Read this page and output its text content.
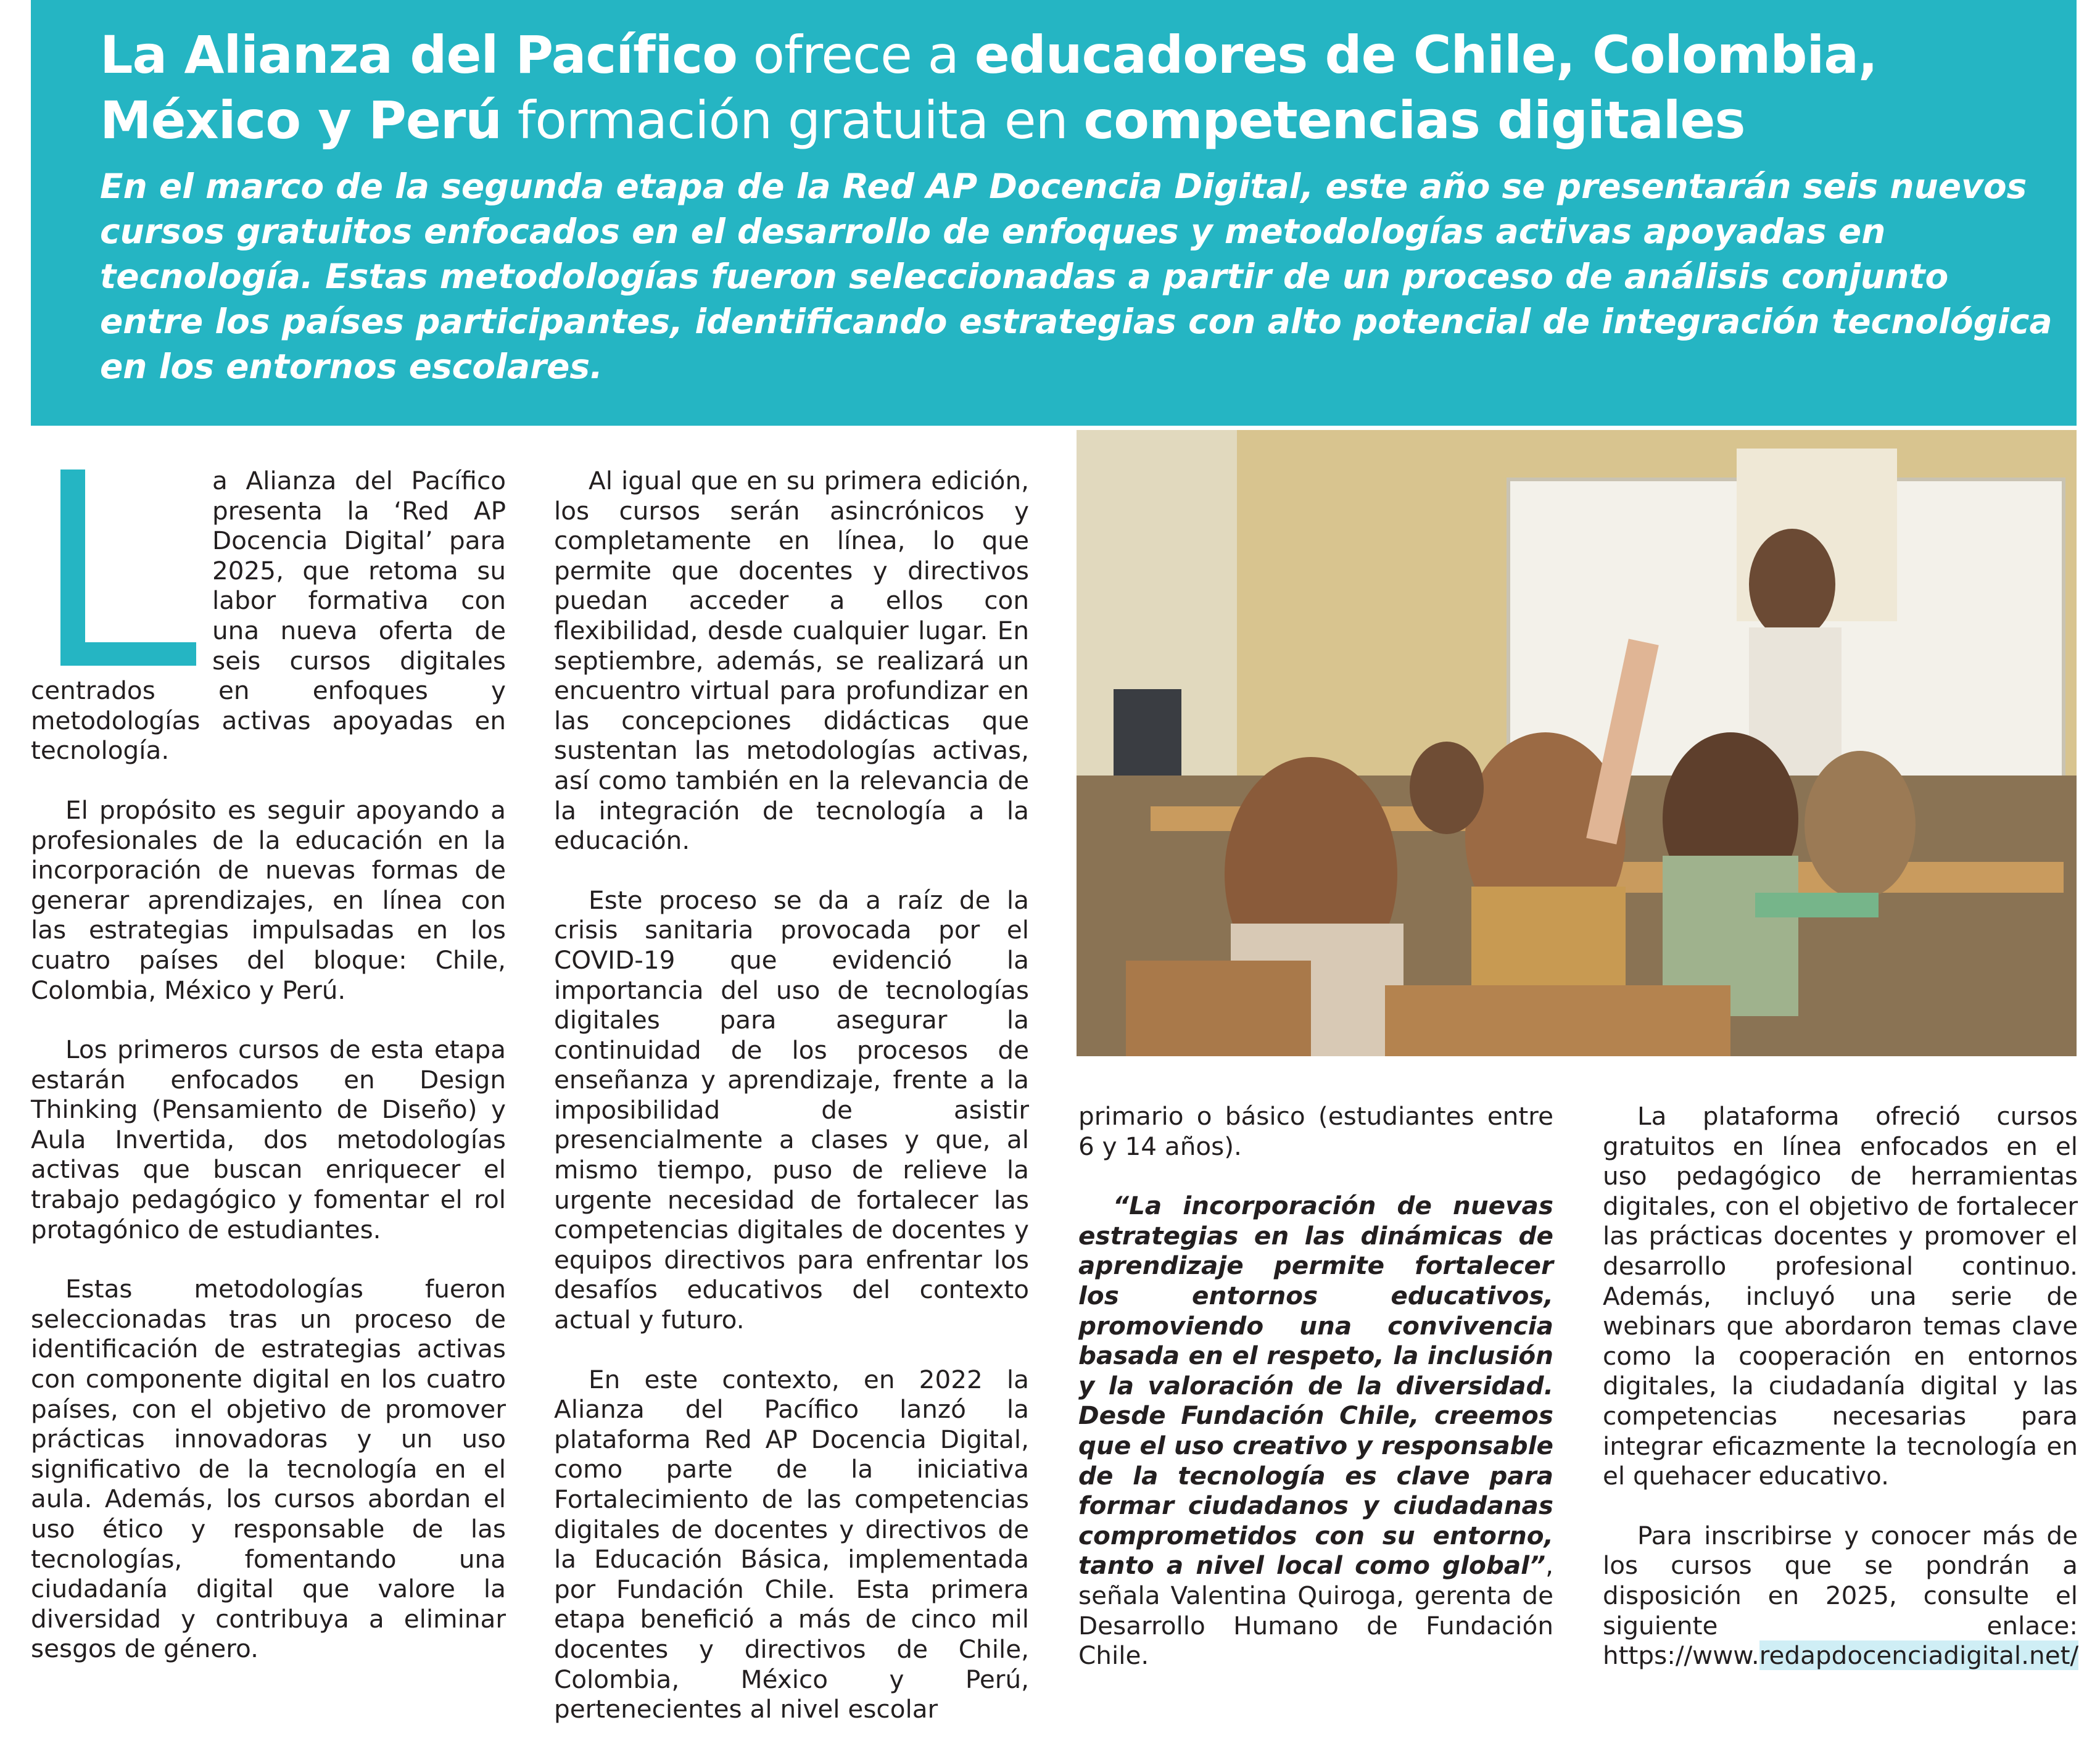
La Alianza del Pacífico ofrece a educadores de Chile, Colombia, México y Perú formación gratuita en competencias digitales

En el marco de la segunda etapa de la Red AP Docencia Digital, este año se presentarán seis nuevos cursos gratuitos enfocados en el desarrollo de enfoques y metodologías activas apoyadas en tecnología. Estas metodologías fueron seleccionadas a partir de un proceso de análisis conjunto entre los países participantes, identificando estrategias con alto potencial de integración tecnológica en los entornos escolares.

a Alianza del Pacífico presenta la ‘Red AP Docencia Digital’ para 2025, que retoma su labor formativa con una nueva oferta de seis cursos digitales centrados en enfoques y metodologías activas apoyadas en tecnología.

El propósito es seguir apoyando a profesionales de la educación en la incorporación de nuevas formas de generar aprendizajes, en línea con las estrategias impulsadas en los cuatro países del bloque: Chile, Colombia, México y Perú.

Los primeros cursos de esta etapa estarán enfocados en Design Thinking (Pensamiento de Diseño) y Aula Invertida, dos metodologías activas que buscan enriquecer el trabajo pedagógico y fomentar el rol protagónico de estudiantes.

Estas metodologías fueron seleccionadas tras un proceso de identificación de estrategias activas con componente digital en los cuatro países, con el objetivo de promover prácticas innovadoras y un uso significativo de la tecnología en el aula. Además, los cursos abordan el uso ético y responsable de las tecnologías, fomentando una ciudadanía digital que valore la diversidad y contribuya a eliminar sesgos de género.

Al igual que en su primera edición, los cursos serán asincrónicos y completamente en línea, lo que permite que docentes y directivos puedan acceder a ellos con flexibilidad, desde cualquier lugar. En septiembre, además, se realizará un encuentro virtual para profundizar en las concepciones didácticas que sustentan las metodologías activas, así como también en la relevancia de la integración de tecnología a la educación.

Este proceso se da a raíz de la crisis sanitaria provocada por el COVID-19 que evidenció la importancia del uso de tecnologías digitales para asegurar la continuidad de los procesos de enseñanza y aprendizaje, frente a la imposibilidad de asistir presencialmente a clases y que, al mismo tiempo, puso de relieve la urgente necesidad de fortalecer las competencias digitales de docentes y equipos directivos para enfrentar los desafíos educativos del contexto actual y futuro.

En este contexto, en 2022 la Alianza del Pacífico lanzó la plataforma Red AP Docencia Digital, como parte de la iniciativa Fortalecimiento de las competencias digitales de docentes y directivos de la Educación Básica, implementada por Fundación Chile. Esta primera etapa benefició a más de cinco mil docentes y directivos de Chile, Colombia, México y Perú, pertenecientes al nivel escolar

primario o básico (estudiantes entre 6 y 14 años).

“La incorporación de nuevas estrategias en las dinámicas de aprendizaje permite fortalecer los entornos educativos, promoviendo una convivencia basada en el respeto, la inclusión y la valoración de la diversidad. Desde Fundación Chile, creemos que el uso creativo y responsable de la tecnología es clave para formar ciudadanos y ciudadanas comprometidos con su entorno, tanto a nivel local como global”, señala Valentina Quiroga, gerenta de Desarrollo Humano de Fundación Chile.

La plataforma ofreció cursos gratuitos en línea enfocados en el uso pedagógico de herramientas digitales, con el objetivo de fortalecer las prácticas docentes y promover el desarrollo profesional continuo. Además, incluyó una serie de webinars que abordaron temas clave como la cooperación en entornos digitales, la ciudadanía digital y las competencias necesarias para integrar eficazmente la tecnología en el quehacer educativo.

Para inscribirse y conocer más de los cursos que se pondrán a disposición en 2025, consulte el siguiente enlace: https://www.redapdocenciadigital.net/
